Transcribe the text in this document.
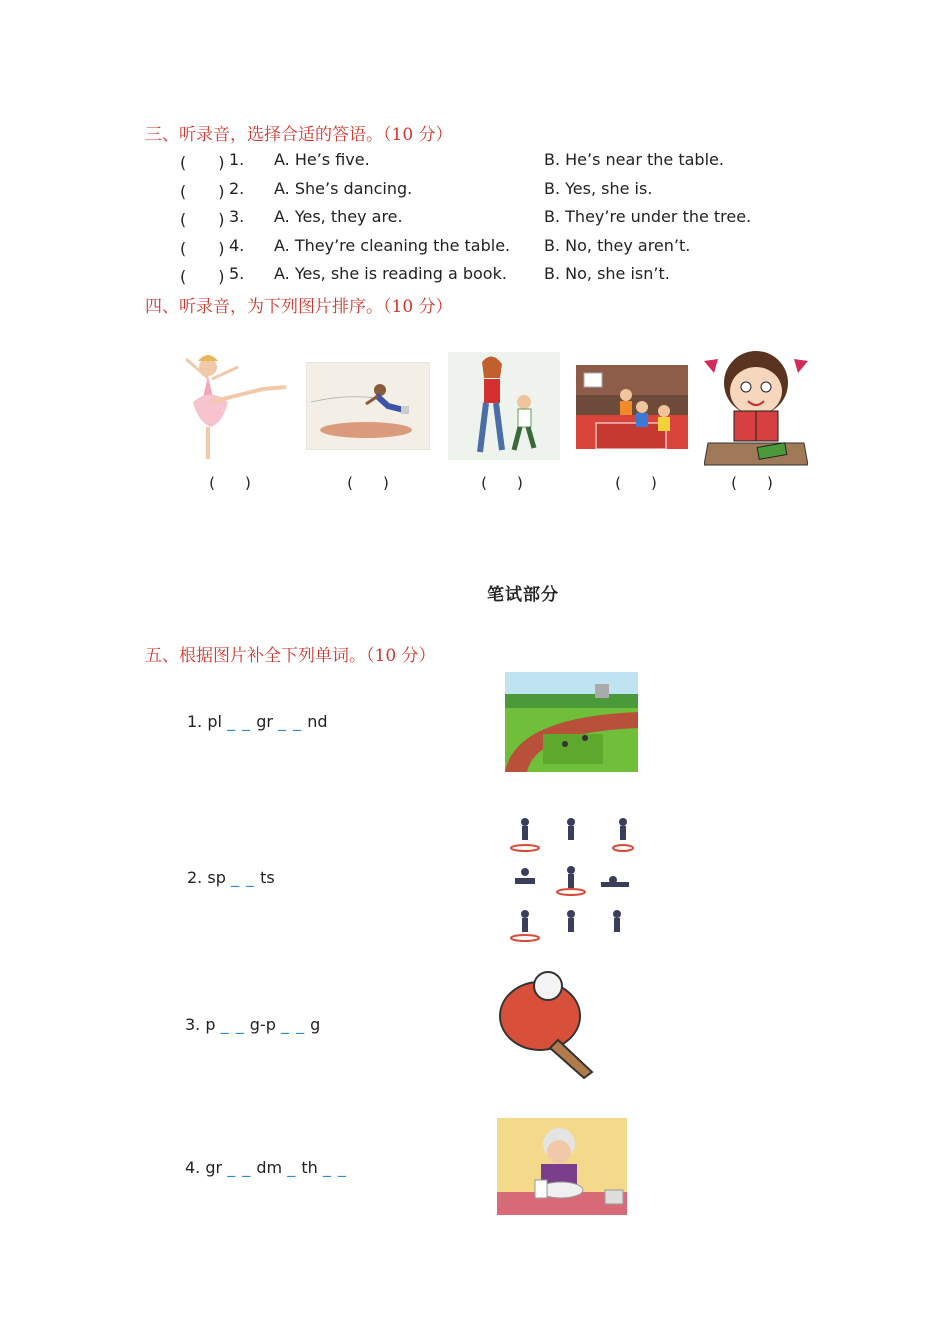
三、听录音，选择合适的答语。（10 分）
(　　) 1. A. He’s five.	B. He’s near the table.
(　　) 2. A. She’s dancing.	B. Yes, she is.
(　　) 3. A. Yes, they are.	B. They’re under the tree.
(　　) 4. A. They’re cleaning the table. B. No, they aren’t.
(　　) 5. A. Yes, she is reading a book. B. No, she isn’t.
四、听录音，为下列图片排序。（10 分）
(　　)	(　　)	(　　)	(　　)	(　　)
笔试部分
五、根据图片补全下列单词。（10 分）
1. pl _ _ gr _ _ nd
2. sp _ _ ts
3. p _ _ g-p _ _ g
4. gr _ _ dm _ th _ _
